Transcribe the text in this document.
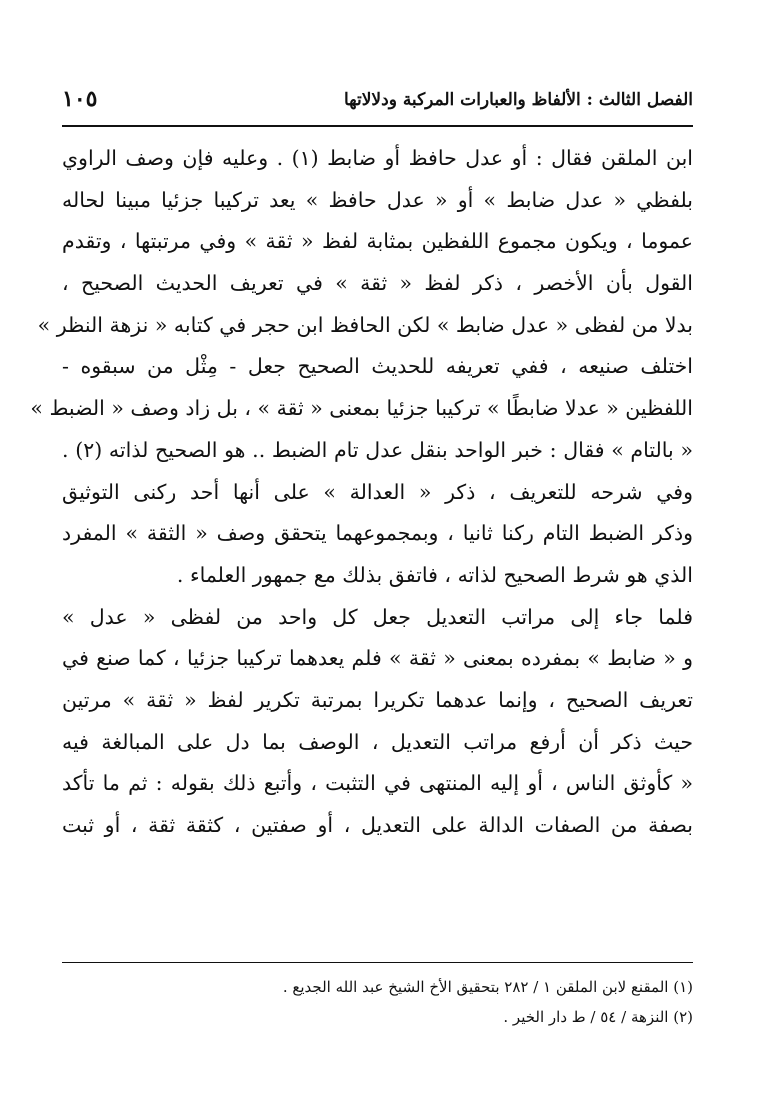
الفصل الثالث : الألفاظ والعبارات المركبة ودلالاتها
١٠٥
ابن الملقن فقال : أو عدل حافظ أو ضابط (١) . وعليه فإن وصف الراوي
بلفظي « عدل ضابط » أو « عدل حافظ » يعد تركيبا جزئيا مبينا لحاله
عموما ، ويكون مجموع اللفظين بمثابة لفظ « ثقة » وفي مرتبتها ، وتقدم
القول بأن الأخصر ، ذكر لفظ « ثقة » في تعريف الحديث الصحيح ،
بدلا من لفظى « عدل ضابط » لكن الحافظ ابن حجر في كتابه « نزهة النظر »
اختلف صنيعه ، ففي تعريفه للحديث الصحيح جعل - مِثْل من سبقوه -
اللفظين « عدلا ضابطًا » تركيبا جزئيا بمعنى « ثقة » ، بل زاد وصف « الضبط »
« بالتام » فقال : خبر الواحد بنقل عدل تام الضبط .. هو الصحيح لذاته (٢) .
وفي شرحه للتعريف ، ذكر « العدالة » على أنها أحد ركنى التوثيق
وذكر الضبط التام ركنا ثانيا ، وبمجموعهما يتحقق وصف « الثقة » المفرد
الذي هو شرط الصحيح لذاته ، فاتفق بذلك مع جمهور العلماء .
فلما جاء إلى مراتب التعديل جعل كل واحد من لفظى « عدل »
و « ضابط » بمفرده بمعنى « ثقة » فلم يعدهما تركيبا جزئيا ، كما صنع في
تعريف الصحيح ، وإنما عدهما تكريرا بمرتبة تكرير لفظ « ثقة » مرتين
حيث ذكر أن أرفع مراتب التعديل ، الوصف بما دل على المبالغة فيه
« كأوثق الناس ، أو إليه المنتهى في التثبت ، وأتبع ذلك بقوله : ثم ما تأكد
بصفة من الصفات الدالة على التعديل ، أو صفتين ، كثقة ثقة ، أو ثبت
(١) المقنع لابن الملقن ١ / ٢٨٢ بتحقيق الأخ الشيخ عبد الله الجديع .
(٢) النزهة / ٥٤ / ط دار الخير .
